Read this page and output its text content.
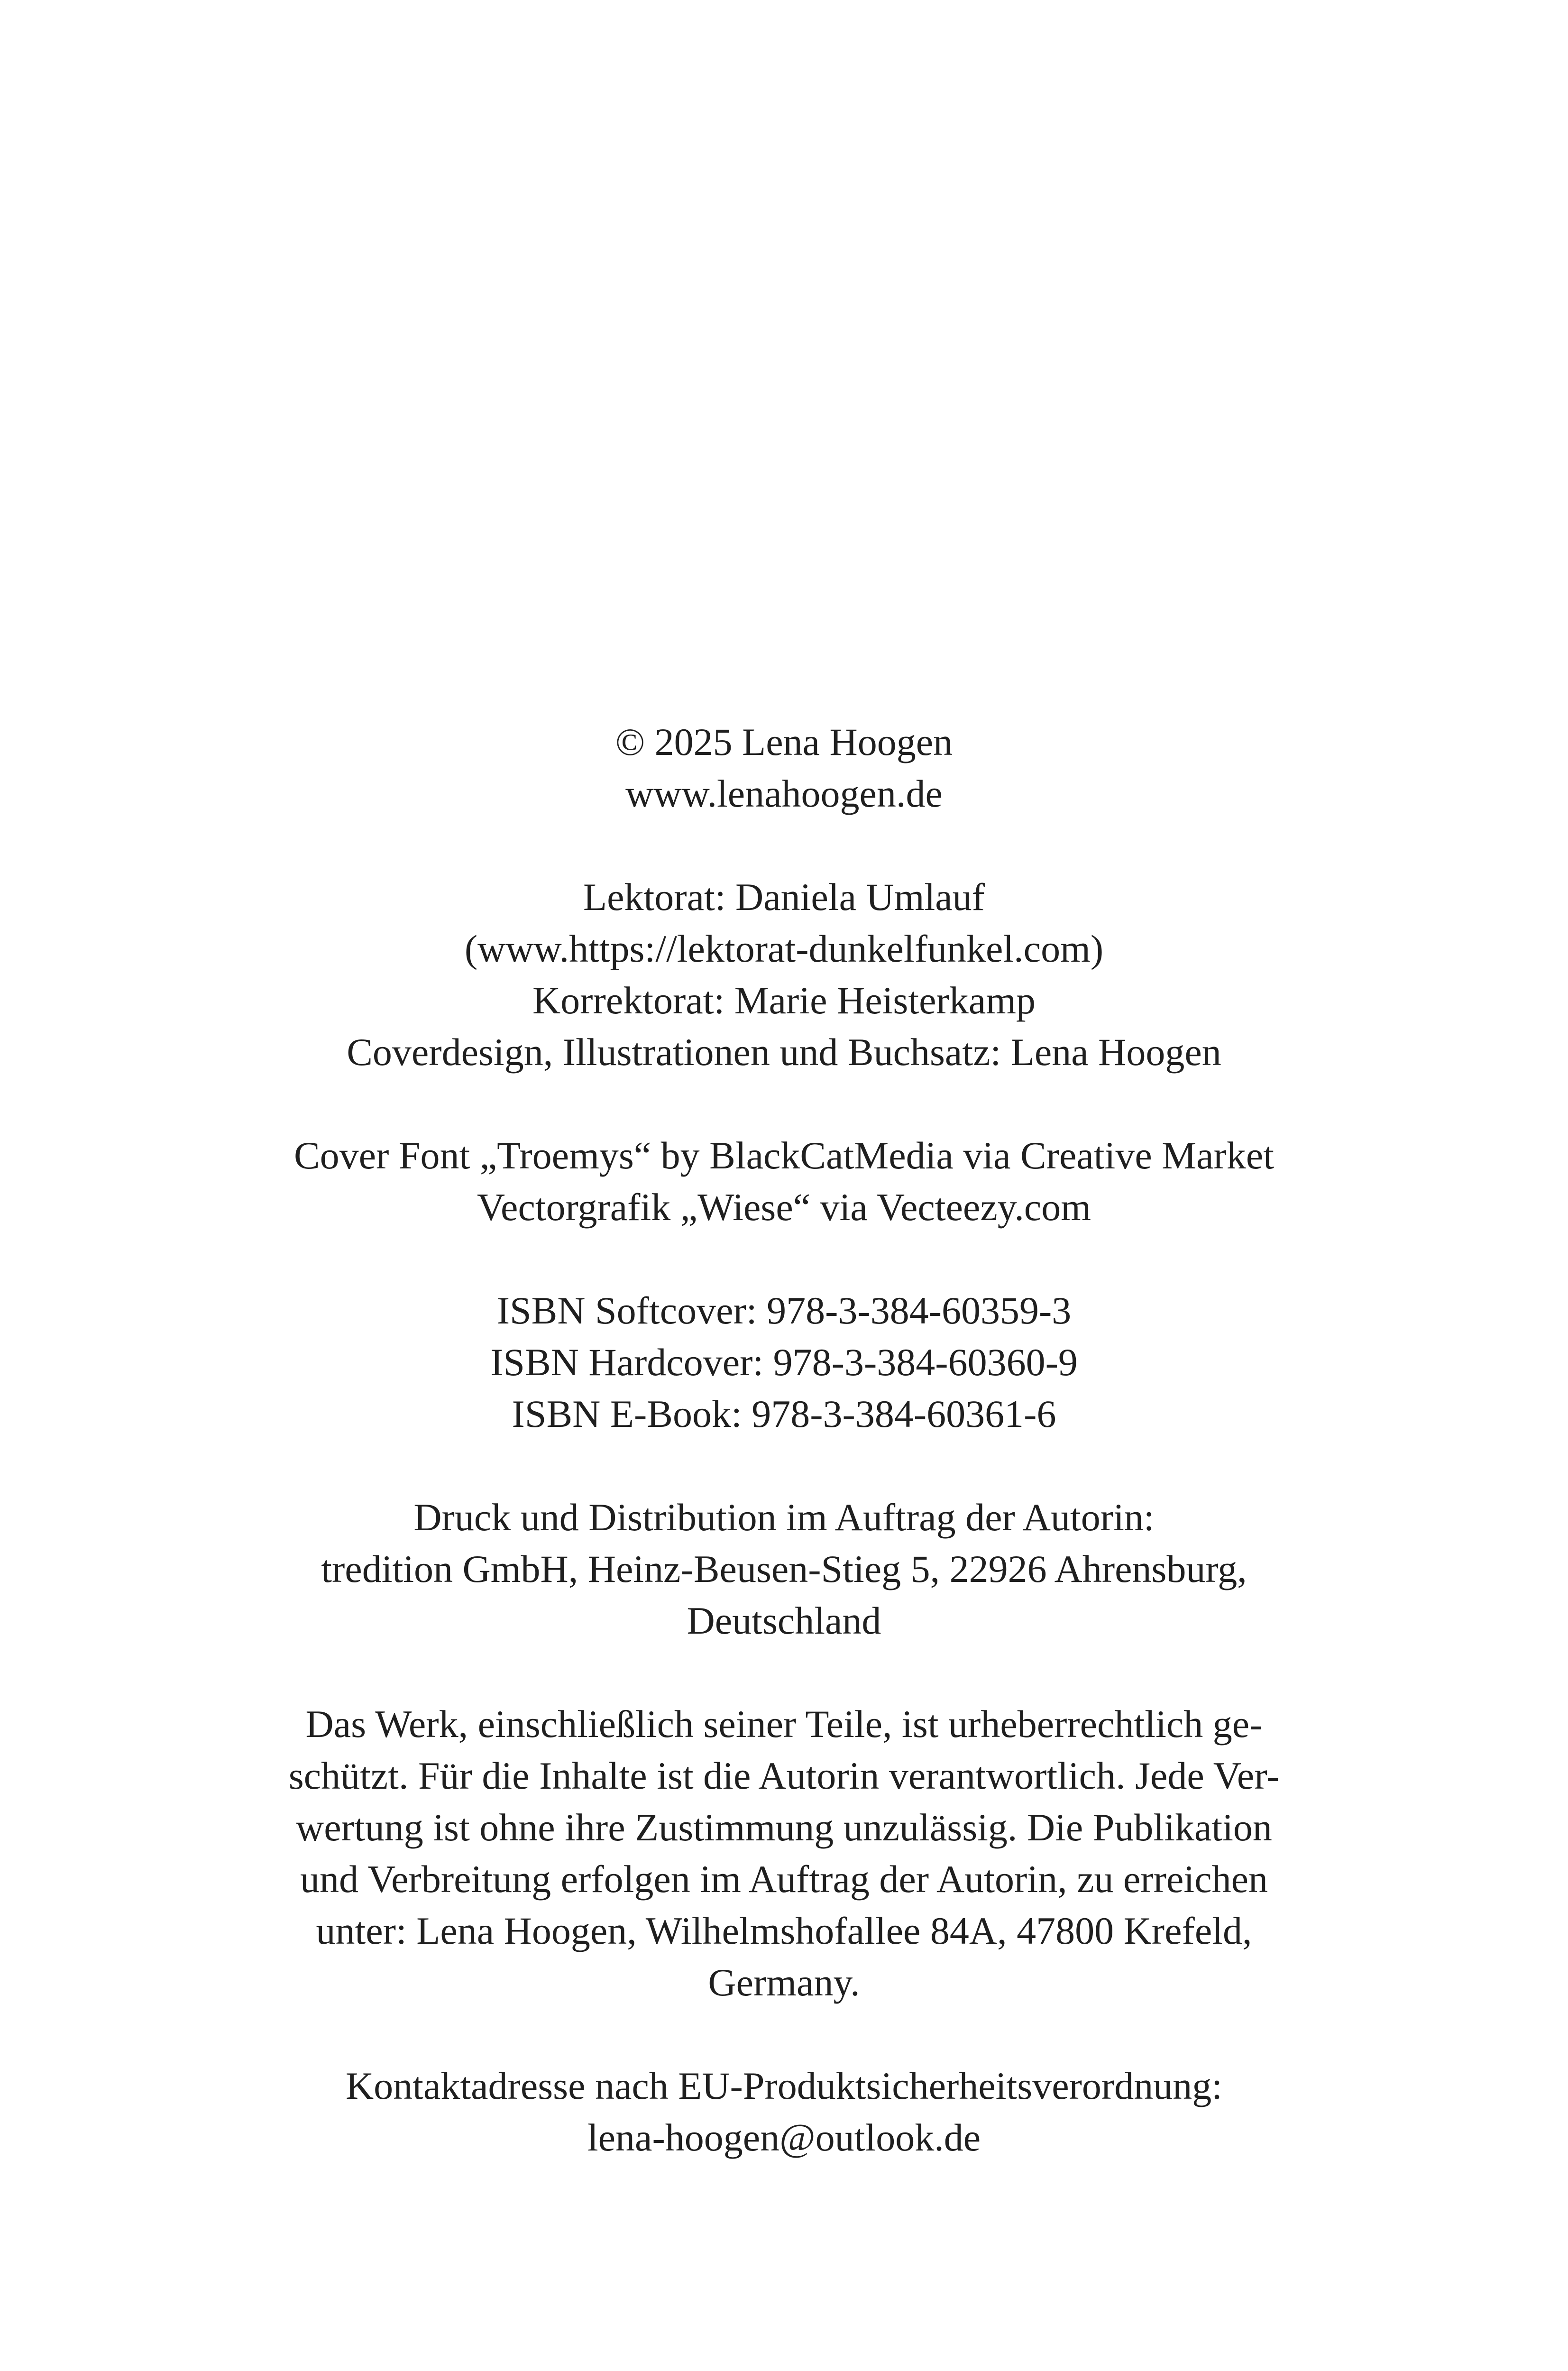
© 2025 Lena Hoogen
www.lenahoogen.de

Lektorat: Daniela Umlauf
(www.https://lektorat-dunkelfunkel.com)
Korrektorat: Marie Heisterkamp
Coverdesign, Illustrationen und Buchsatz: Lena Hoogen

Cover Font „Troemys“ by BlackCatMedia via Creative Market
Vectorgrafik „Wiese“ via Vecteezy.com

ISBN Softcover: 978-3-384-60359-3
ISBN Hardcover: 978-3-384-60360-9
ISBN E-Book: 978-3-384-60361-6

Druck und Distribution im Auftrag der Autorin:
tredition GmbH, Heinz-Beusen-Stieg 5, 22926 Ahrensburg,
Deutschland

Das Werk, einschließlich seiner Teile, ist urheberrechtlich ge-
schützt. Für die Inhalte ist die Autorin verantwortlich. Jede Ver-
wertung ist ohne ihre Zustimmung unzulässig. Die Publikation
und Verbreitung erfolgen im Auftrag der Autorin, zu erreichen
unter: Lena Hoogen, Wilhelmshofallee 84A, 47800 Krefeld,
Germany.

Kontaktadresse nach EU-Produktsicherheitsverordnung:
lena-hoogen@outlook.de
